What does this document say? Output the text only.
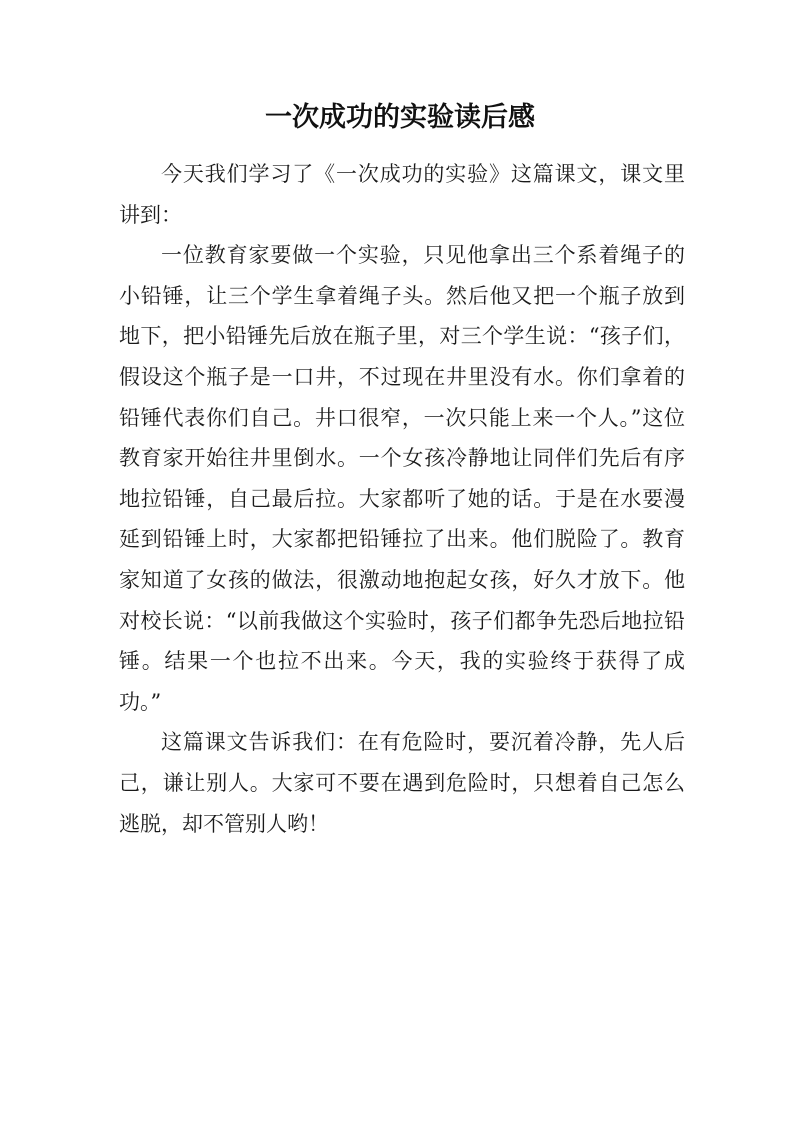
一次成功的实验读后感

今天我们学习了《一次成功的实验》这篇课文，课文里讲到：

一位教育家要做一个实验，只见他拿出三个系着绳子的小铅锤，让三个学生拿着绳子头。然后他又把一个瓶子放到地下，把小铅锤先后放在瓶子里，对三个学生说：“孩子们，假设这个瓶子是一口井，不过现在井里没有水。你们拿着的铅锤代表你们自己。井口很窄，一次只能上来一个人。”这位教育家开始往井里倒水。一个女孩冷静地让同伴们先后有序地拉铅锤，自己最后拉。大家都听了她的话。于是在水要漫延到铅锤上时，大家都把铅锤拉了出来。他们脱险了。教育家知道了女孩的做法，很激动地抱起女孩，好久才放下。他对校长说：“以前我做这个实验时，孩子们都争先恐后地拉铅锤。结果一个也拉不出来。今天，我的实验终于获得了成功。”

这篇课文告诉我们：在有危险时，要沉着冷静，先人后己，谦让别人。大家可不要在遇到危险时，只想着自己怎么逃脱，却不管别人哟！
